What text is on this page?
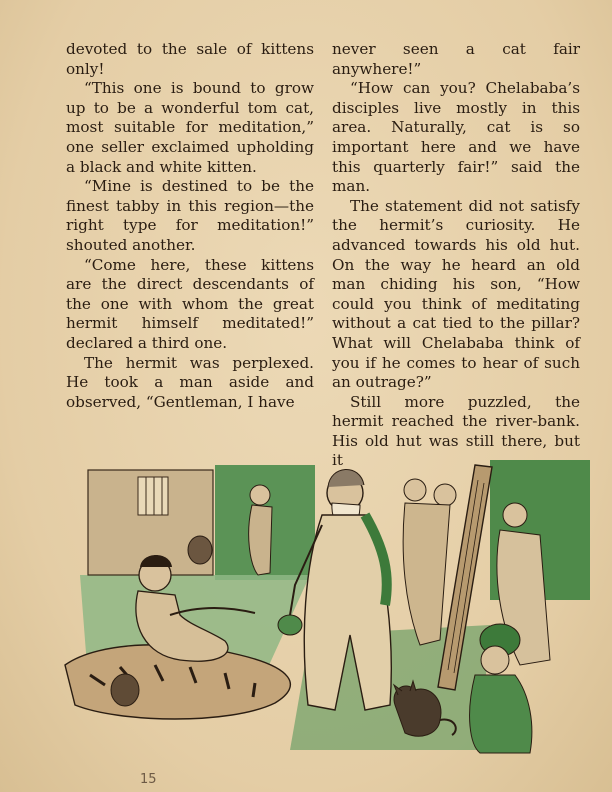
devoted to the sale of kittens only!

“This one is bound to grow up to be a wonderful tom cat, most suitable for meditation,” one seller exclaimed upholding a black and white kitten.

“Mine is destined to be the finest tabby in this region—the right type for meditation!” shouted another.

“Come here, these kittens are the direct descendants of the one with whom the great hermit himself meditated!” declared a third one.

The hermit was perplexed. He took a man aside and observed, “Gentleman, I have

never seen a cat fair anywhere!”

“How can you? Chelababa’s disciples live mostly in this area. Naturally, cat is so important here and we have this quarterly fair!” said the man.

The statement did not satisfy the hermit’s curiosity. He advanced towards his old hut. On the way he heard an old man chiding his son, “How could you think of meditating without a cat tied to the pillar? What will Chelababa think of you if he comes to hear of such an outrage?”

Still more puzzled, the hermit reached the river-bank. His old hut was still there, but it

15
